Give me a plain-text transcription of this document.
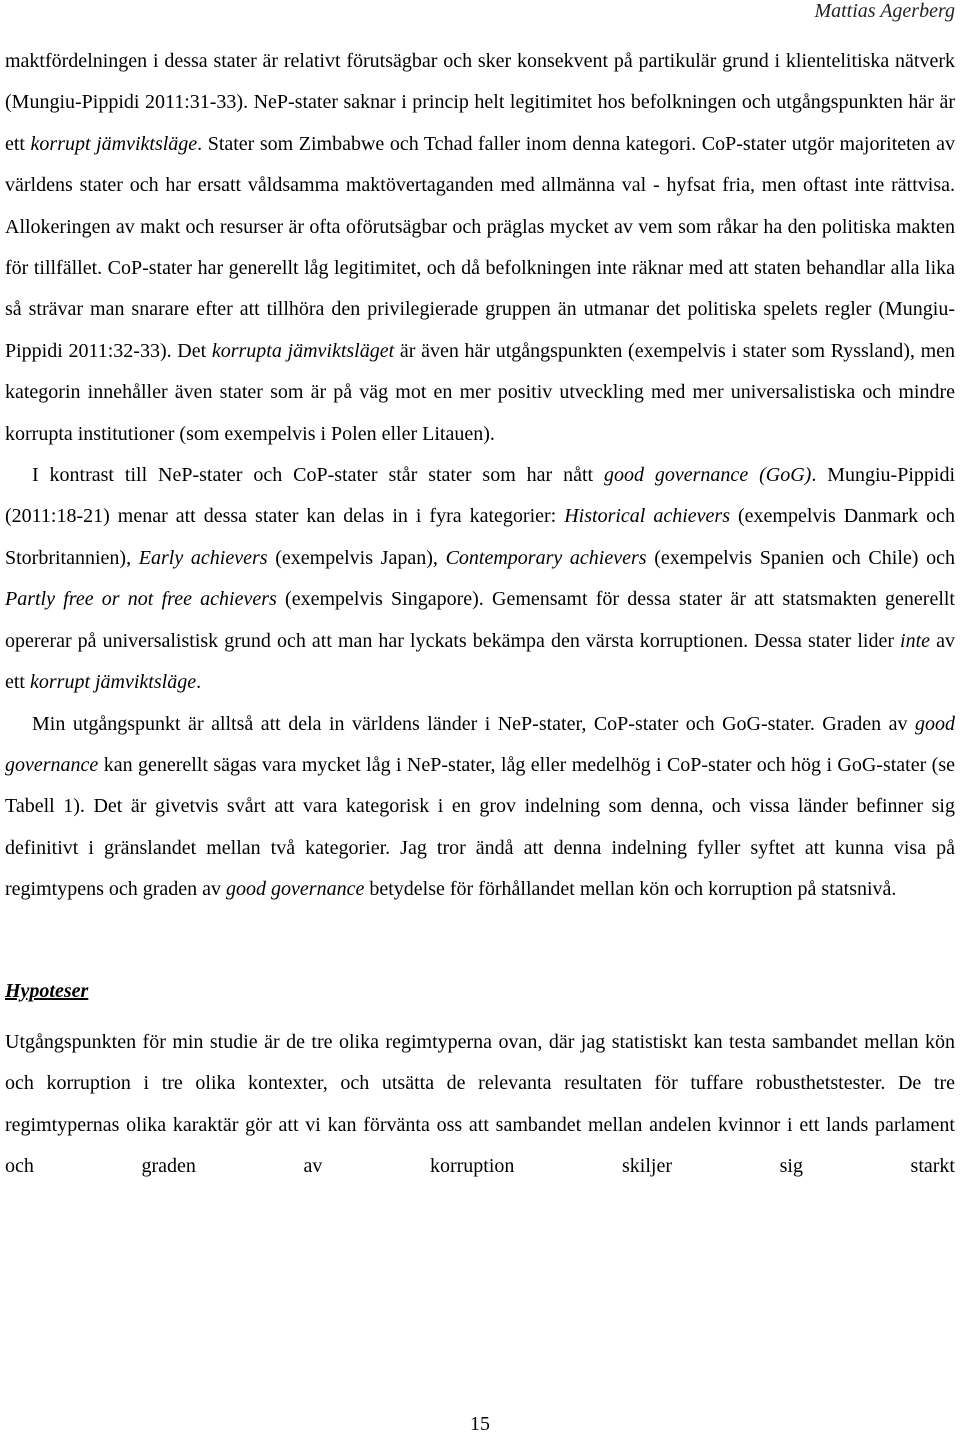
Mattias Agerberg

maktfördelningen i dessa stater är relativt förutsägbar och sker konsekvent på partikulär grund i klientelitiska nätverk (Mungiu-Pippidi 2011:31-33). NeP-stater saknar i princip helt legitimitet hos befolkningen och utgångspunkten här är ett korrupt jämviktsläge. Stater som Zimbabwe och Tchad faller inom denna kategori. CoP-stater utgör majoriteten av världens stater och har ersatt våldsamma maktövertaganden med allmänna val - hyfsat fria, men oftast inte rättvisa. Allokeringen av makt och resurser är ofta oförutsägbar och präglas mycket av vem som råkar ha den politiska makten för tillfället. CoP-stater har generellt låg legitimitet, och då befolkningen inte räknar med att staten behandlar alla lika så strävar man snarare efter att tillhöra den privilegierade gruppen än utmanar det politiska spelets regler (Mungiu-Pippidi 2011:32-33). Det korrupta jämviktsläget är även här utgångspunkten (exempelvis i stater som Ryssland), men kategorin innehåller även stater som är på väg mot en mer positiv utveckling med mer universalistiska och mindre korrupta institutioner (som exempelvis i Polen eller Litauen).

I kontrast till NeP-stater och CoP-stater står stater som har nått good governance (GoG). Mungiu-Pippidi (2011:18-21) menar att dessa stater kan delas in i fyra kategorier: Historical achievers (exempelvis Danmark och Storbritannien), Early achievers (exempelvis Japan), Contemporary achievers (exempelvis Spanien och Chile) och Partly free or not free achievers (exempelvis Singapore). Gemensamt för dessa stater är att statsmakten generellt opererar på universalistisk grund och att man har lyckats bekämpa den värsta korruptionen. Dessa stater lider inte av ett korrupt jämviktsläge.

Min utgångspunkt är alltså att dela in världens länder i NeP-stater, CoP-stater och GoG-stater. Graden av good governance kan generellt sägas vara mycket låg i NeP-stater, låg eller medelhög i CoP-stater och hög i GoG-stater (se Tabell 1). Det är givetvis svårt att vara kategorisk i en grov indelning som denna, och vissa länder befinner sig definitivt i gränslandet mellan två kategorier. Jag tror ändå att denna indelning fyller syftet att kunna visa på regimtypens och graden av good governance betydelse för förhållandet mellan kön och korruption på statsnivå.

Hypoteser

Utgångspunkten för min studie är de tre olika regimtyperna ovan, där jag statistiskt kan testa sambandet mellan kön och korruption i tre olika kontexter, och utsätta de relevanta resultaten för tuffare robusthetstester. De tre regimtypernas olika karaktär gör att vi kan förvänta oss att sambandet mellan andelen kvinnor i ett lands parlament och graden av korruption skiljer sig starkt

15
